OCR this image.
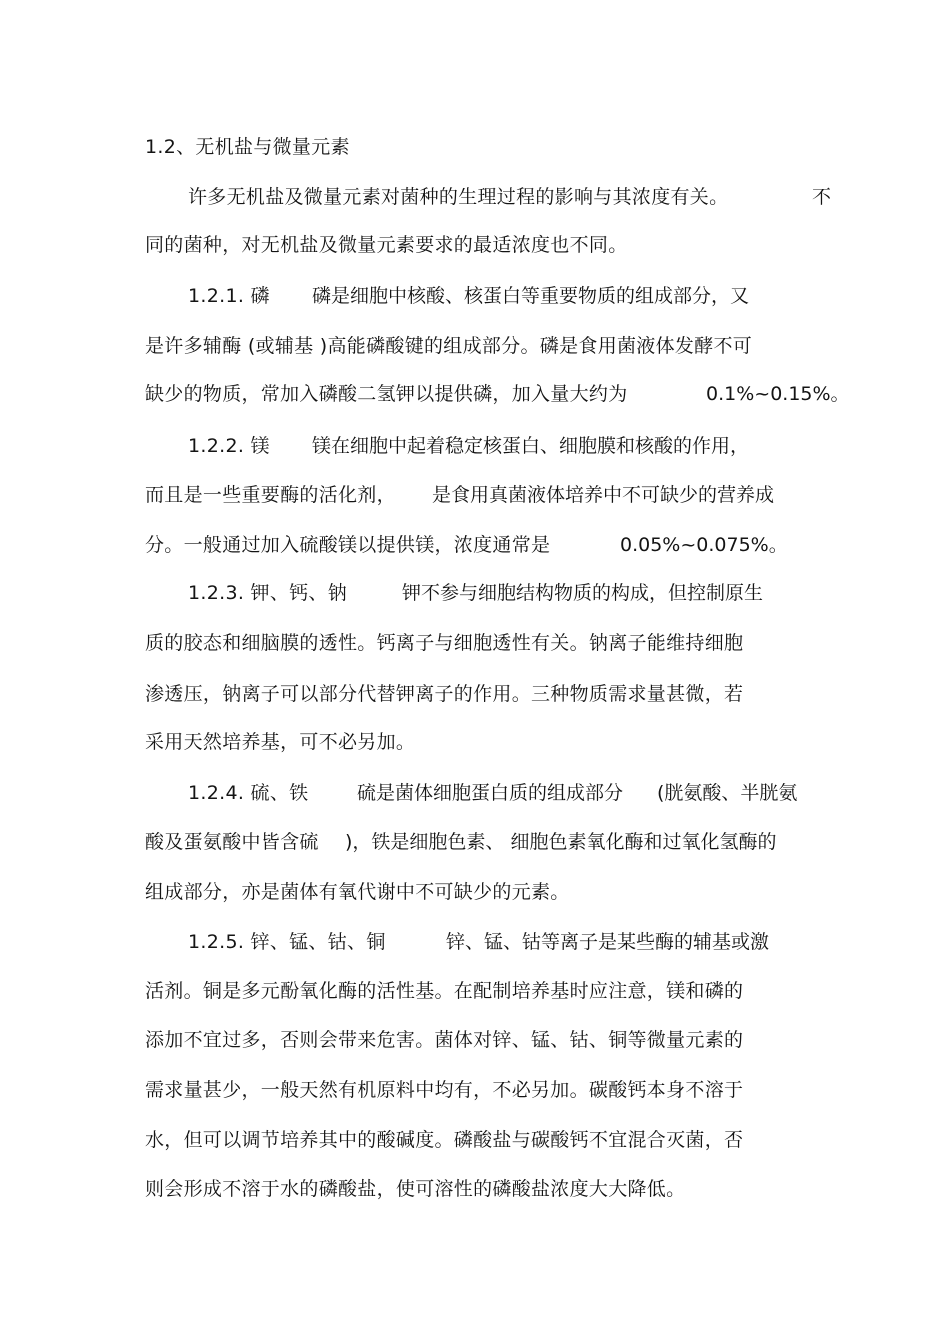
1.2、无机盐与微量元素
许多无机盐及微量元素对菌种的生理过程的影响与其浓度有关。	不
同的菌种，对无机盐及微量元素要求的最适浓度也不同。
1.2.1. 磷 磷是细胞中核酸、核蛋白等重要物质的组成部分，又
是许多辅酶 (或辅基 )高能磷酸键的组成部分。磷是食用菌液体发酵不可
缺少的物质，常加入磷酸二氢钾以提供磷，加入量大约为	0.1%~0.15%。
1.2.2. 镁 镁在细胞中起着稳定核蛋白、细胞膜和核酸的作用，
而且是一些重要酶的活化剂， 是食用真菌液体培养中不可缺少的营养成
分。一般通过加入硫酸镁以提供镁，浓度通常是	0.05%~0.075%。
1.2.3. 钾、钙、钠	钾不参与细胞结构物质的构成，但控制原生
质的胶态和细脑膜的透性。钙离子与细胞透性有关。钠离子能维持细胞
渗透压，钠离子可以部分代替钾离子的作用。三种物质需求量甚微，若
采用天然培养基，可不必另加。
1.2.4. 硫、铁	硫是菌体细胞蛋白质的组成部分 (胱氨酸、半胱氨
酸及蛋氨酸中皆含硫 )，铁是细胞色素、 细胞色素氧化酶和过氧化氢酶的
组成部分，亦是菌体有氧代谢中不可缺少的元素。
1.2.5. 锌、锰、钴、铜	锌、锰、钴等离子是某些酶的辅基或激
活剂。铜是多元酚氧化酶的活性基。在配制培养基时应注意，镁和磷的
添加不宜过多，否则会带来危害。菌体对锌、锰、钴、铜等微量元素的
需求量甚少，一般天然有机原料中均有，不必另加。碳酸钙本身不溶于
水，但可以调节培养其中的酸碱度。磷酸盐与碳酸钙不宜混合灭菌，否
则会形成不溶于水的磷酸盐，使可溶性的磷酸盐浓度大大降低。
